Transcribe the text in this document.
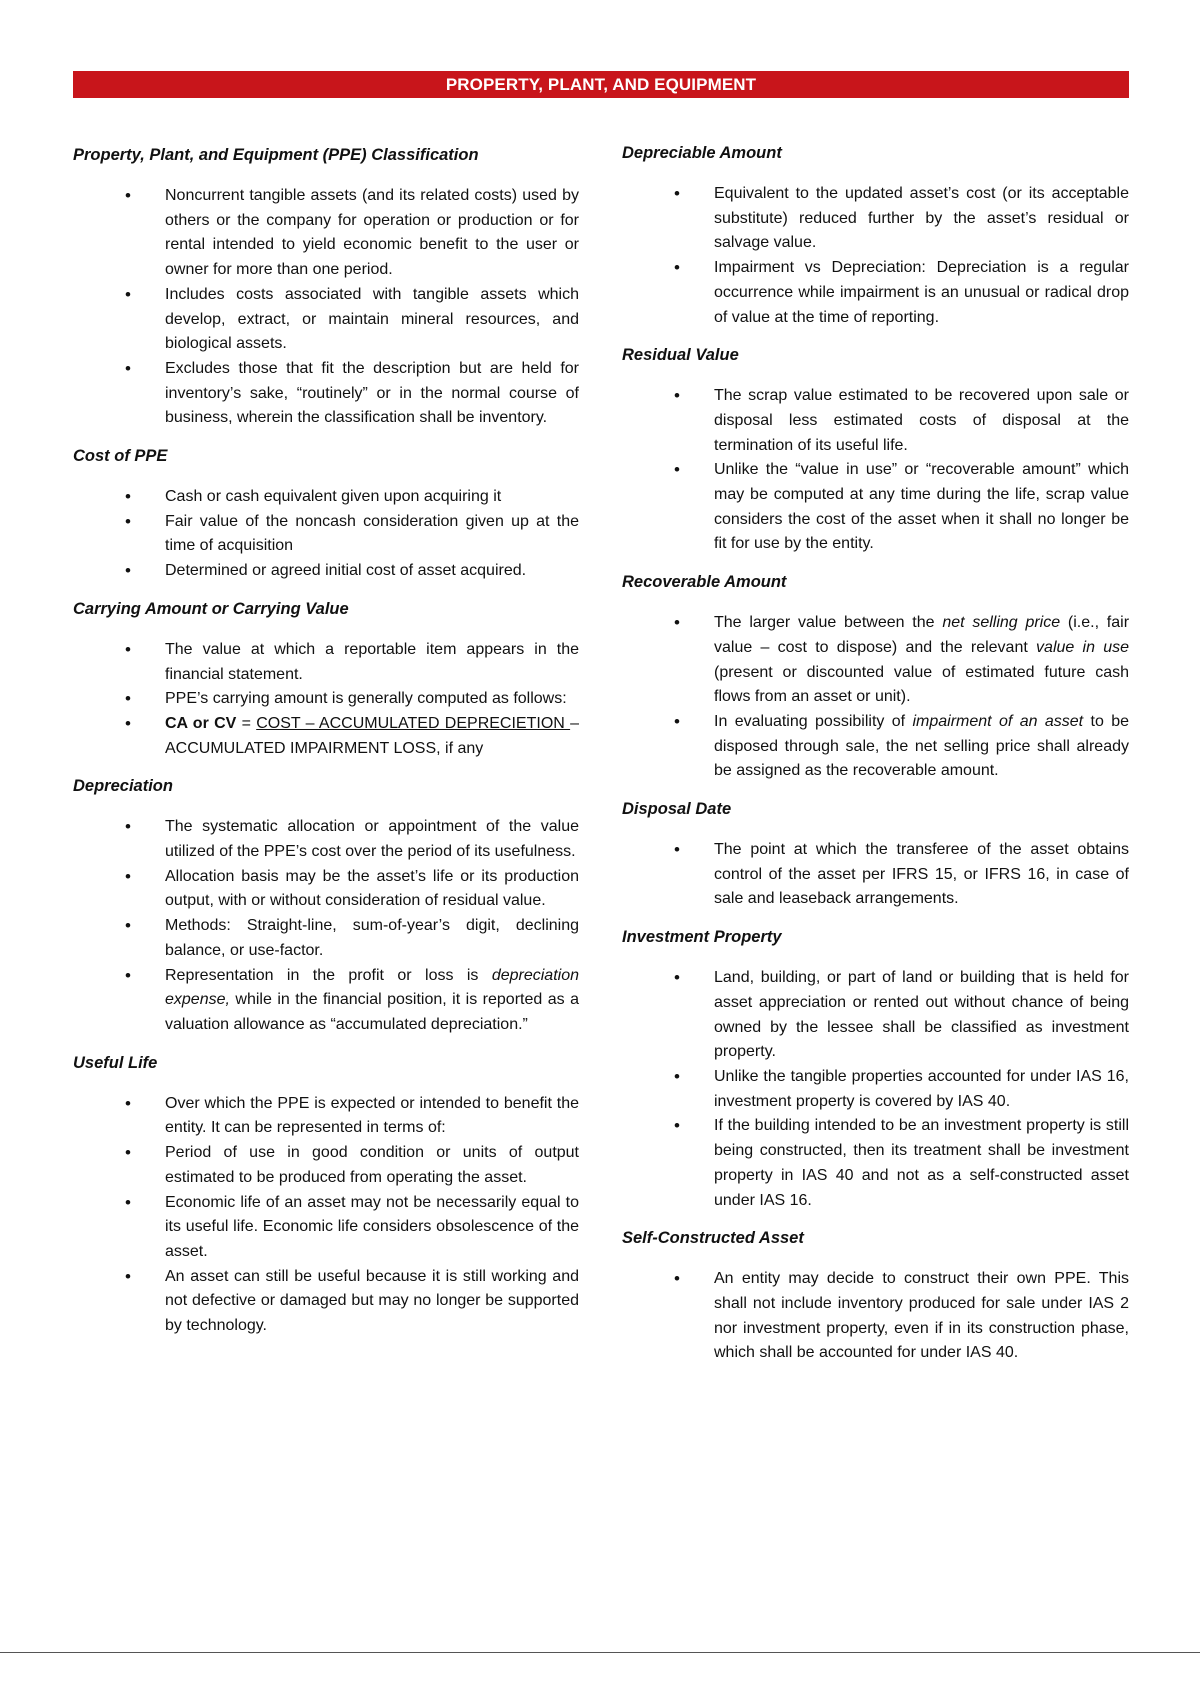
PROPERTY, PLANT, AND EQUIPMENT
Property, Plant, and Equipment (PPE) Classification
• Noncurrent tangible assets (and its related costs) used by others or the company for operation or production or for rental intended to yield economic benefit to the user or owner for more than one period.
• Includes costs associated with tangible assets which develop, extract, or maintain mineral resources, and biological assets.
• Excludes those that fit the description but are held for inventory’s sake, “routinely” or in the normal course of business, wherein the classification shall be inventory.
Cost of PPE
• Cash or cash equivalent given upon acquiring it
• Fair value of the noncash consideration given up at the time of acquisition
• Determined or agreed initial cost of asset acquired.
Carrying Amount or Carrying Value
• The value at which a reportable item appears in the financial statement.
• PPE’s carrying amount is generally computed as follows:
• CA or CV = COST – ACCUMULATED DEPRECIETION – ACCUMULATED IMPAIRMENT LOSS, if any
Depreciation
• The systematic allocation or appointment of the value utilized of the PPE’s cost over the period of its usefulness.
• Allocation basis may be the asset’s life or its production output, with or without consideration of residual value.
• Methods: Straight-line, sum-of-year’s digit, declining balance, or use-factor.
• Representation in the profit or loss is depreciation expense, while in the financial position, it is reported as a valuation allowance as “accumulated depreciation.”
Useful Life
• Over which the PPE is expected or intended to benefit the entity. It can be represented in terms of:
• Period of use in good condition or units of output estimated to be produced from operating the asset.
• Economic life of an asset may not be necessarily equal to its useful life. Economic life considers obsolescence of the asset.
• An asset can still be useful because it is still working and not defective or damaged but may no longer be supported by technology.
Depreciable Amount
• Equivalent to the updated asset’s cost (or its acceptable substitute) reduced further by the asset’s residual or salvage value.
• Impairment vs Depreciation: Depreciation is a regular occurrence while impairment is an unusual or radical drop of value at the time of reporting.
Residual Value
• The scrap value estimated to be recovered upon sale or disposal less estimated costs of disposal at the termination of its useful life.
• Unlike the “value in use” or “recoverable amount” which may be computed at any time during the life, scrap value considers the cost of the asset when it shall no longer be fit for use by the entity.
Recoverable Amount
• The larger value between the net selling price (i.e., fair value – cost to dispose) and the relevant value in use (present or discounted value of estimated future cash flows from an asset or unit).
• In evaluating possibility of impairment of an asset to be disposed through sale, the net selling price shall already be assigned as the recoverable amount.
Disposal Date
• The point at which the transferee of the asset obtains control of the asset per IFRS 15, or IFRS 16, in case of sale and leaseback arrangements.
Investment Property
• Land, building, or part of land or building that is held for asset appreciation or rented out without chance of being owned by the lessee shall be classified as investment property.
• Unlike the tangible properties accounted for under IAS 16, investment property is covered by IAS 40.
• If the building intended to be an investment property is still being constructed, then its treatment shall be investment property in IAS 40 and not as a self-constructed asset under IAS 16.
Self-Constructed Asset
• An entity may decide to construct their own PPE. This shall not include inventory produced for sale under IAS 2 nor investment property, even if in its construction phase, which shall be accounted for under IAS 40.
